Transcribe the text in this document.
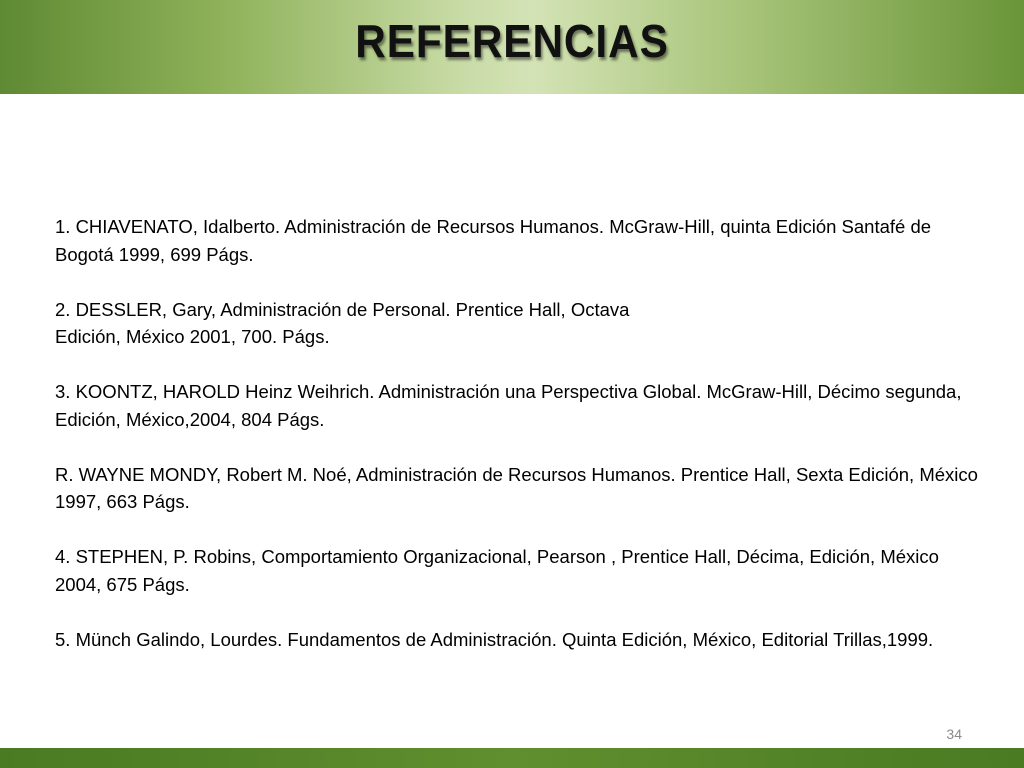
REFERENCIAS

1. CHIAVENATO, Idalberto. Administración de Recursos Humanos. McGraw-Hill, quinta Edición Santafé de Bogotá 1999, 699 Págs.

2. DESSLER, Gary, Administración de Personal. Prentice Hall, Octava Edición, México 2001, 700. Págs.

3. KOONTZ, HAROLD Heinz Weihrich. Administración una Perspectiva Global. McGraw-Hill, Décimo segunda, Edición, México,2004, 804 Págs.

R. WAYNE MONDY, Robert M. Noé, Administración de Recursos Humanos. Prentice Hall, Sexta Edición, México 1997, 663 Págs.

4. STEPHEN, P. Robins, Comportamiento Organizacional, Pearson , Prentice Hall, Décima, Edición, México 2004, 675 Págs.

5. Münch Galindo, Lourdes. Fundamentos de Administración. Quinta Edición, México, Editorial Trillas,1999.

34
